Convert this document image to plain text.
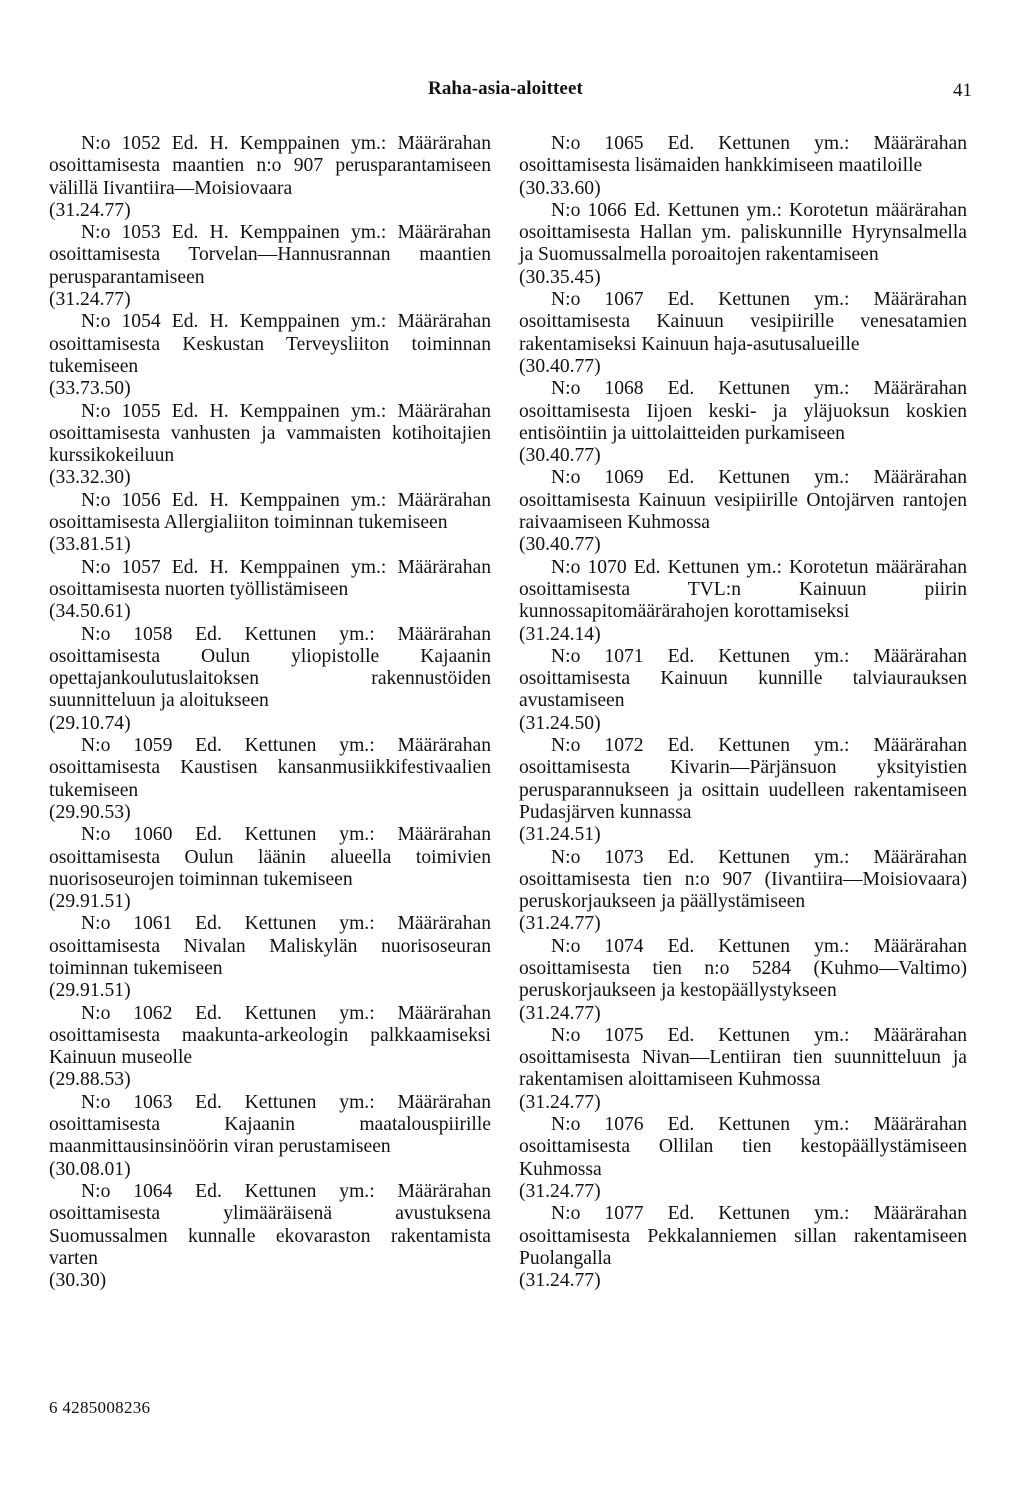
Raha-asia-aloitteet	41

N:o 1052 Ed. H. Kemppainen ym.: Määrärahan osoittamisesta maantien n:o 907 perusparantamiseen välillä Iivantiira—Moisiovaara
(31.24.77)

N:o 1053 Ed. H. Kemppainen ym.: Määrärahan osoittamisesta Torvelan—Hannusrannan maantien perusparantamiseen
(31.24.77)

N:o 1054 Ed. H. Kemppainen ym.: Määrärahan osoittamisesta Keskustan Terveysliiton toiminnan tukemiseen
(33.73.50)

N:o 1055 Ed. H. Kemppainen ym.: Määrärahan osoittamisesta vanhusten ja vammaisten kotihoitajien kurssikokeiluun
(33.32.30)

N:o 1056 Ed. H. Kemppainen ym.: Määrärahan osoittamisesta Allergialiiton toiminnan tukemiseen
(33.81.51)

N:o 1057 Ed. H. Kemppainen ym.: Määrärahan osoittamisesta nuorten työllistämiseen
(34.50.61)

N:o 1058 Ed. Kettunen ym.: Määrärahan osoittamisesta Oulun yliopistolle Kajaanin opettajankoulutuslaitoksen rakennustöiden suunnitteluun ja aloitukseen
(29.10.74)

N:o 1059 Ed. Kettunen ym.: Määrärahan osoittamisesta Kaustisen kansanmusiikkifestivaalien tukemiseen
(29.90.53)

N:o 1060 Ed. Kettunen ym.: Määrärahan osoittamisesta Oulun läänin alueella toimivien nuorisoseurojen toiminnan tukemiseen
(29.91.51)

N:o 1061 Ed. Kettunen ym.: Määrärahan osoittamisesta Nivalan Maliskylän nuorisoseuran toiminnan tukemiseen
(29.91.51)

N:o 1062 Ed. Kettunen ym.: Määrärahan osoittamisesta maakunta-arkeologin palkkaamiseksi Kainuun museolle
(29.88.53)

N:o 1063 Ed. Kettunen ym.: Määrärahan osoittamisesta Kajaanin maatalouspiirille maanmittausinsinöörin viran perustamiseen
(30.08.01)

N:o 1064 Ed. Kettunen ym.: Määrärahan osoittamisesta ylimääräisenä avustuksena Suomussalmen kunnalle ekovaraston rakentamista varten
(30.30)

N:o 1065 Ed. Kettunen ym.: Määrärahan osoittamisesta lisämaiden hankkimiseen maatiloille
(30.33.60)

N:o 1066 Ed. Kettunen ym.: Korotetun määrärahan osoittamisesta Hallan ym. paliskunnille Hyrynsalmella ja Suomussalmella poroaitojen rakentamiseen
(30.35.45)

N:o 1067 Ed. Kettunen ym.: Määrärahan osoittamisesta Kainuun vesipiirille venesatamien rakentamiseksi Kainuun haja-asutusalueille
(30.40.77)

N:o 1068 Ed. Kettunen ym.: Määrärahan osoittamisesta Iijoen keski- ja yläjuoksun koskien entisöintiin ja uittolaitteiden purkamiseen
(30.40.77)

N:o 1069 Ed. Kettunen ym.: Määrärahan osoittamisesta Kainuun vesipiirille Ontojärven rantojen raivaamiseen Kuhmossa
(30.40.77)

N:o 1070 Ed. Kettunen ym.: Korotetun määrärahan osoittamisesta TVL:n Kainuun piirin kunnossapitomäärärahojen korottamiseksi
(31.24.14)

N:o 1071 Ed. Kettunen ym.: Määrärahan osoittamisesta Kainuun kunnille talviaurauksen avustamiseen
(31.24.50)

N:o 1072 Ed. Kettunen ym.: Määrärahan osoittamisesta Kivarin—Pärjänsuon yksityistien perusparannukseen ja osittain uudelleen rakentamiseen Pudasjärven kunnassa
(31.24.51)

N:o 1073 Ed. Kettunen ym.: Määrärahan osoittamisesta tien n:o 907 (Iivantiira—Moisiovaara) peruskorjaukseen ja päällystämiseen
(31.24.77)

N:o 1074 Ed. Kettunen ym.: Määrärahan osoittamisesta tien n:o 5284 (Kuhmo—Valtimo) peruskorjaukseen ja kestopäällystykseen
(31.24.77)

N:o 1075 Ed. Kettunen ym.: Määrärahan osoittamisesta Nivan—Lentiiran tien suunnitteluun ja rakentamisen aloittamiseen Kuhmossa
(31.24.77)

N:o 1076 Ed. Kettunen ym.: Määrärahan osoittamisesta Ollilan tien kestopäällystämiseen Kuhmossa
(31.24.77)

N:o 1077 Ed. Kettunen ym.: Määrärahan osoittamisesta Pekkalanniemen sillan rakentamiseen Puolangalla
(31.24.77)

6 4285008236
